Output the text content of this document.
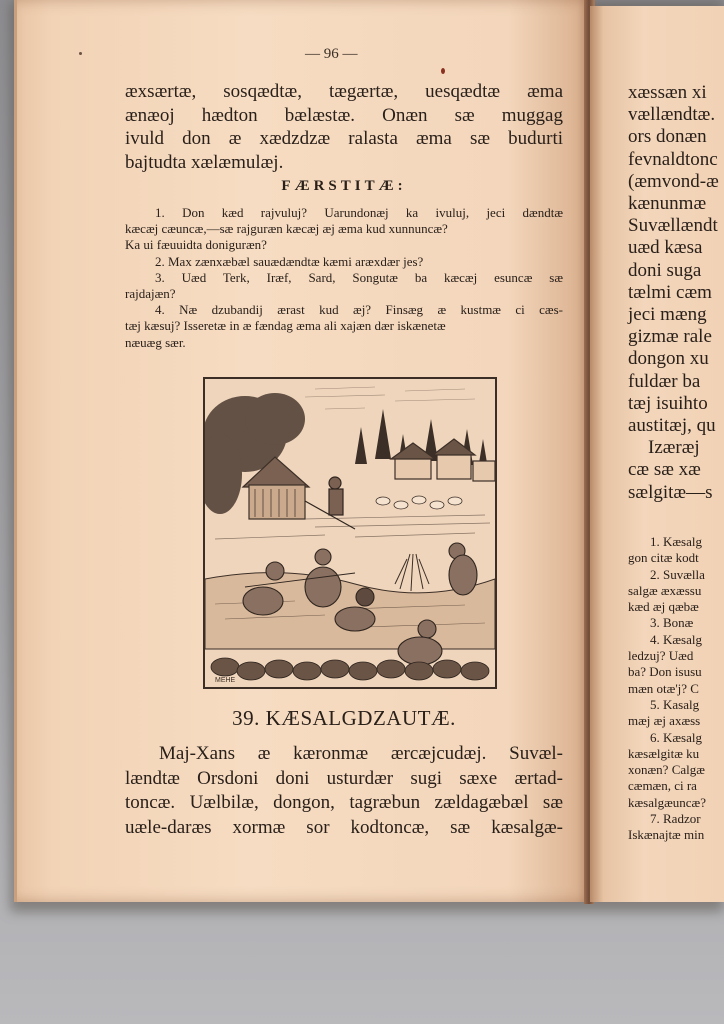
— 96 —
æxsærtæ, sosqædtæ, tægærtæ, uesqædtæ æma
ænæoj hædton bælæstæ. Onæn sæ muggag
ivuld don æ xædzdzæ ralasta æma sæ budurti
bajtudta xælæmulæj.
FÆRSTITÆ:
1. Don kæd rajvuluj? Uarundonæj ka ivuluj, jeci dændtæ
kæcæj cæuncæ,—sæ rajguræn kæcæj æj æma kud xunnuncæ?
Ka ui fæuuidta doniguræn?
2. Max zænxæbæl sauædændtæ kæmi aræxdær jes?
3. Uæd Terk, Iræf, Sard, Songutæ ba kæcæj esuncæ sæ
rajdajæn?
4. Næ dzubandij ærast kud æj? Finsæg æ kustmæ ci cæs-
tæj kæsuj? Isseretæ in æ fændag æma ali xajæn dær iskænetæ
næuæg sær.
MEHE
39. KÆSALGDZAUTÆ.
Maj-Xans æ kæronmæ ærcæjcudæj. Suvæl-
lændtæ Orsdoni doni usturdær sugi sæxe ærtad-
toncæ. Uælbilæ, dongon, tagræbun zældagæbæl sæ
uæle-daræs xormæ sor kodtoncæ, sæ kæsalgæ-
xæssæn xi
vællændtæ.
ors donæn
fevnaldtonc
(æmvond-æ
kænunmæ
Suvællændt
uæd kæsa
doni suga
tælmi cæm
jeci mæng
gizmæ rale
dongon xu
fuldær ba
tæj isuihto
austitæj, qu
Izæræj
cæ sæ xæ
sælgitæ—s
1. Kæsalg
gon citæ kodt
2. Suvælla
salgæ æxæssu
kæd æj qæbæ
3. Bonæ
4. Kæsalg
ledzuj? Uæd
ba? Don isusu
mæn otæ'j? C
5. Kasalg
mæj æj axæss
6. Kæsalg
kæsælgitæ ku
xonæn? Calgæ
cæmæn, ci ra
kæsalgæuncæ?
7. Radzor
Iskænajtæ min
